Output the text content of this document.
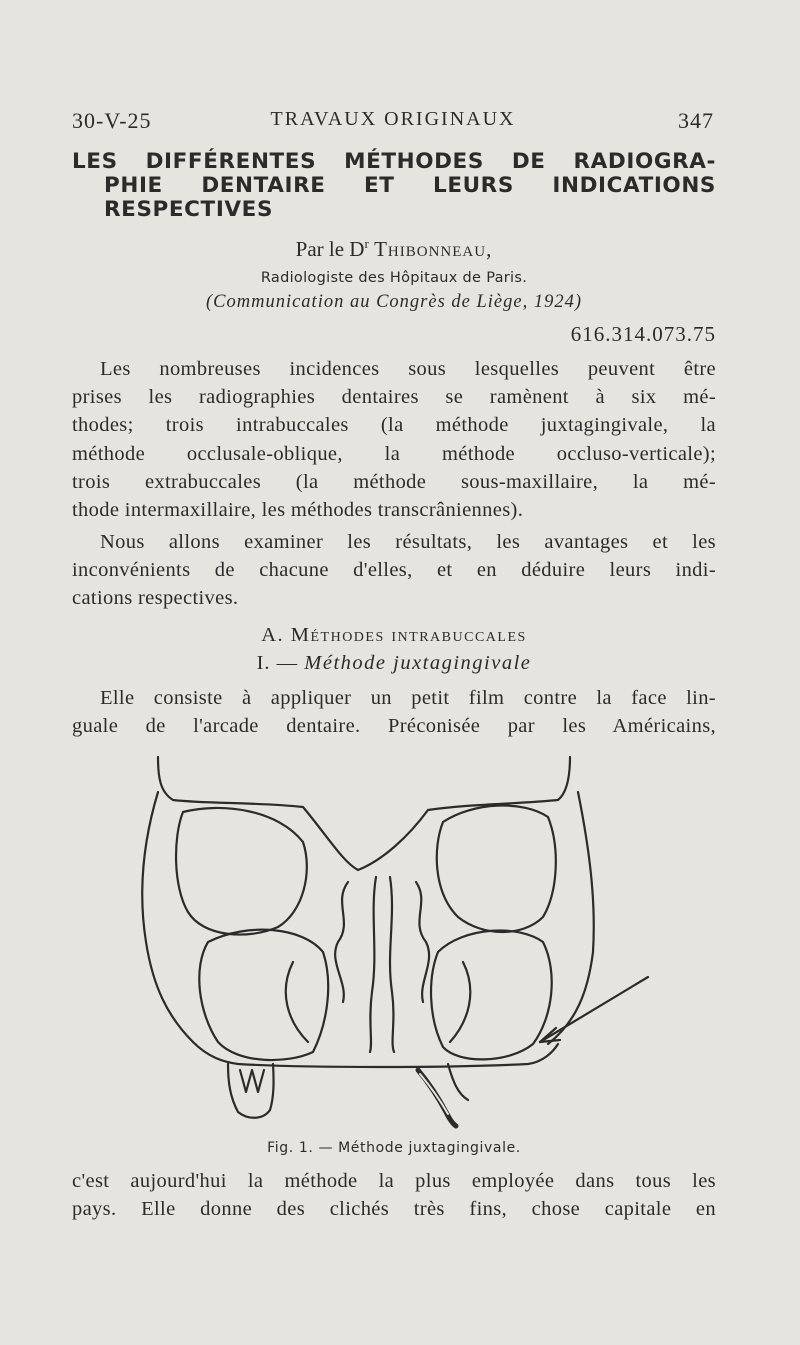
30-V-25	TRAVAUX ORIGINAUX	347
LES DIFFÉRENTES MÉTHODES DE RADIOGRA-
PHIE DENTAIRE ET LEURS INDICATIONS
RESPECTIVES
Par le $D^r$ Thibonneau,
Radiologiste des Hôpitaux de Paris.
(Communication au Congrès de Liège, 1924)
616.314.073.75

Les nombreuses incidences sous lesquelles peuvent être
prises les radiographies dentaires se ramènent à six mé-
thodes; trois intrabuccales (la méthode juxtagingivale, la
méthode occlusale-oblique, la méthode occluso-verticale);
trois extrabuccales (la méthode sous-maxillaire, la mé-
thode intermaxillaire, les méthodes transcrâniennes).

Nous allons examiner les résultats, les avantages et les
inconvénients de chacune d'elles, et en déduire leurs indi-
cations respectives.

A. Méthodes intrabuccales
I. — Méthode juxtagingivale

Elle consiste à appliquer un petit film contre la face lin-
guale de l'arcade dentaire. Préconisée par les Américains,

Fig. 1. — Méthode juxtagingivale.

c'est aujourd'hui la méthode la plus employée dans tous les
pays. Elle donne des clichés très fins, chose capitale en
